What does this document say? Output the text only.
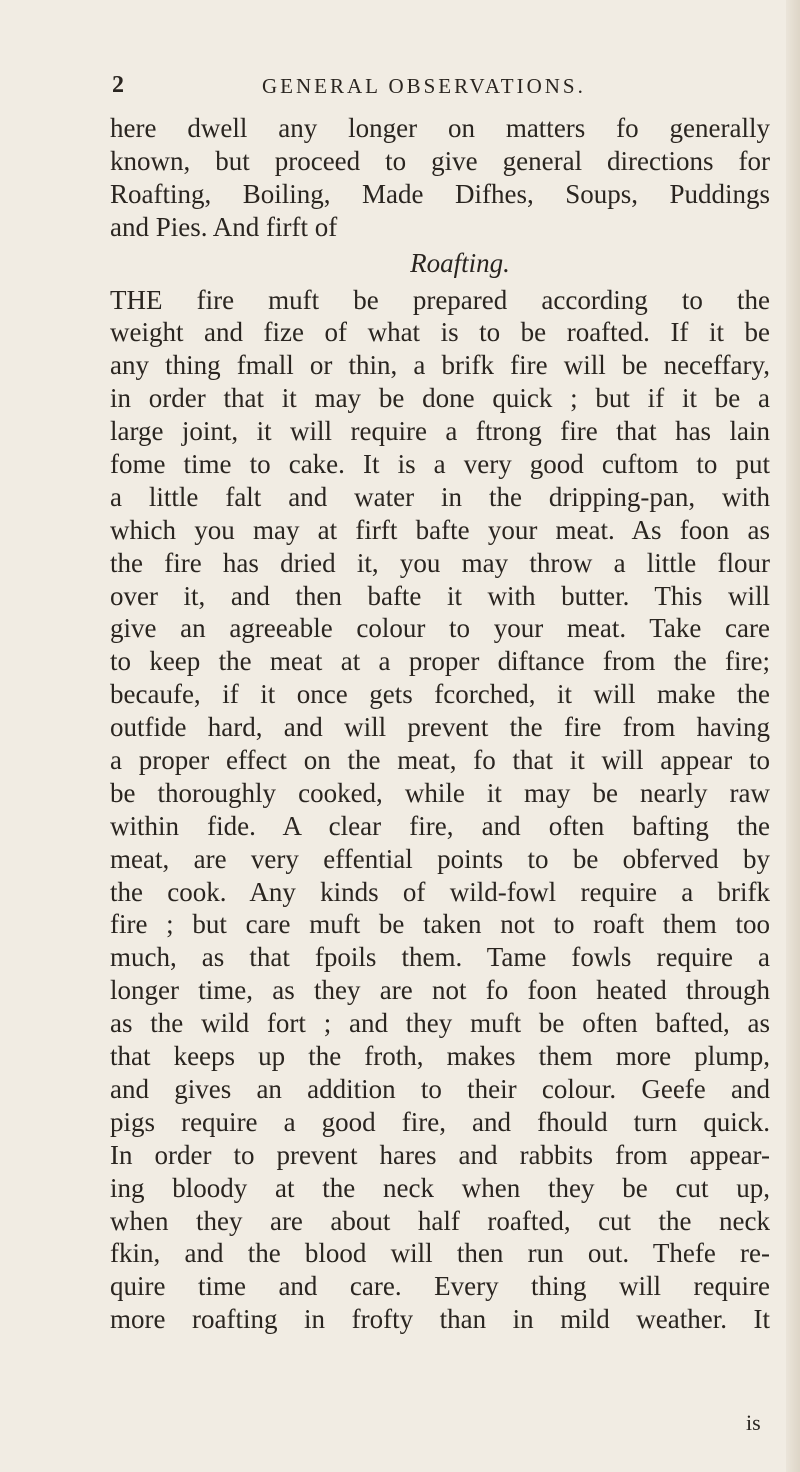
2	GENERAL OBSERVATIONS.
here dwell any longer on matters fo generally
known, but proceed to give general directions for
Roafting, Boiling, Made Difhes, Soups, Puddings
and Pies. And firft of
Roafting.
THE fire muft be prepared according to the
weight and fize of what is to be roafted. If it be
any thing fmall or thin, a brifk fire will be neceffary,
in order that it may be done quick ; but if it be a
large joint, it will require a ftrong fire that has lain
fome time to cake. It is a very good cuftom to put
a little falt and water in the dripping-pan, with
which you may at firft bafte your meat. As foon as
the fire has dried it, you may throw a little flour
over it, and then bafte it with butter. This will
give an agreeable colour to your meat. Take care
to keep the meat at a proper diftance from the fire;
becaufe, if it once gets fcorched, it will make the
outfide hard, and will prevent the fire from having
a proper effect on the meat, fo that it will appear to
be thoroughly cooked, while it may be nearly raw
within fide. A clear fire, and often bafting the
meat, are very effential points to be obferved by
the cook. Any kinds of wild-fowl require a brifk
fire ; but care muft be taken not to roaft them too
much, as that fpoils them. Tame fowls require a
longer time, as they are not fo foon heated through
as the wild fort ; and they muft be often bafted, as
that keeps up the froth, makes them more plump,
and gives an addition to their colour. Geefe and
pigs require a good fire, and fhould turn quick.
In order to prevent hares and rabbits from appear-
ing bloody at the neck when they be cut up,
when they are about half roafted, cut the neck
fkin, and the blood will then run out. Thefe re-
quire time and care. Every thing will require
more roafting in frofty than in mild weather. It
is
